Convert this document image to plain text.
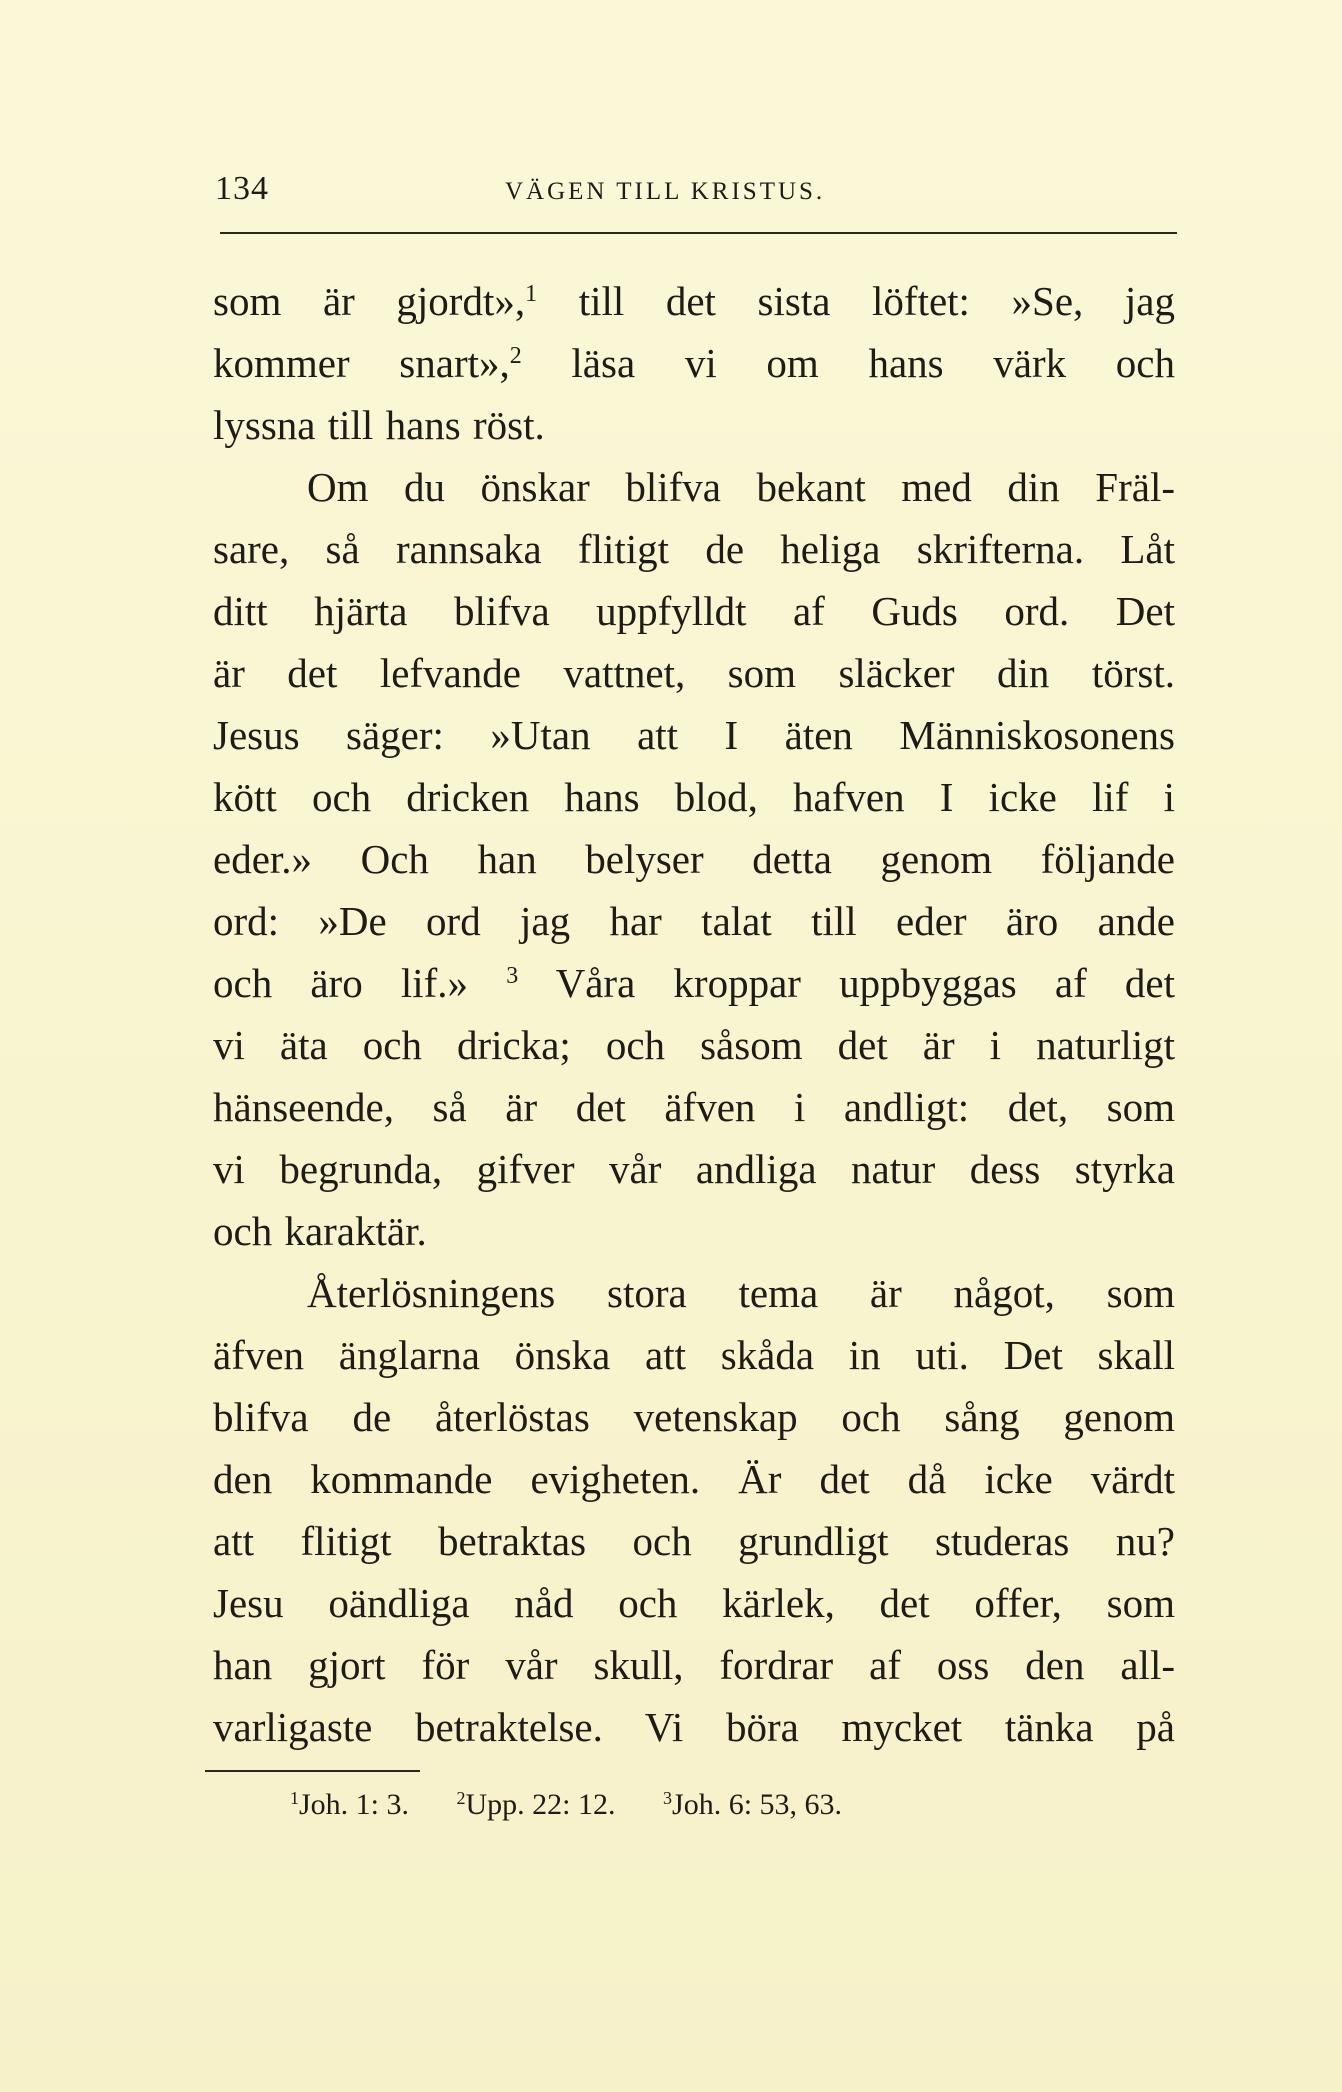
134	VÄGEN TILL KRISTUS.
som är gjordt»,$^1$ till det sista löftet: »Se, jag
kommer snart»,$^2$ läsa vi om hans värk och
lyssna till hans röst.
Om du önskar blifva bekant med din Fräl-
sare, så rannsaka flitigt de heliga skrifterna. Låt
ditt hjärta blifva uppfylldt af Guds ord. Det
är det lefvande vattnet, som släcker din törst.
Jesus säger: »Utan att I äten Människosonens
kött och dricken hans blod, hafven I icke lif i
eder.» Och han belyser detta genom följande
ord: »De ord jag har talat till eder äro ande
och äro lif.» $^3$ Våra kroppar uppbyggas af det
vi äta och dricka; och såsom det är i naturligt
hänseende, så är det äfven i andligt: det, som
vi begrunda, gifver vår andliga natur dess styrka
och karaktär.
Återlösningens stora tema är något, som
äfven änglarna önska att skåda in uti. Det skall
blifva de återlöstas vetenskap och sång genom
den kommande evigheten. Är det då icke värdt
att flitigt betraktas och grundligt studeras nu?
Jesu oändliga nåd och kärlek, det offer, som
han gjort för vår skull, fordrar af oss den all-
varligaste betraktelse. Vi böra mycket tänka på
$^1$Joh. 1: 3.	$^2$Upp. 22: 12.	$^3$Joh. 6: 53, 63.
